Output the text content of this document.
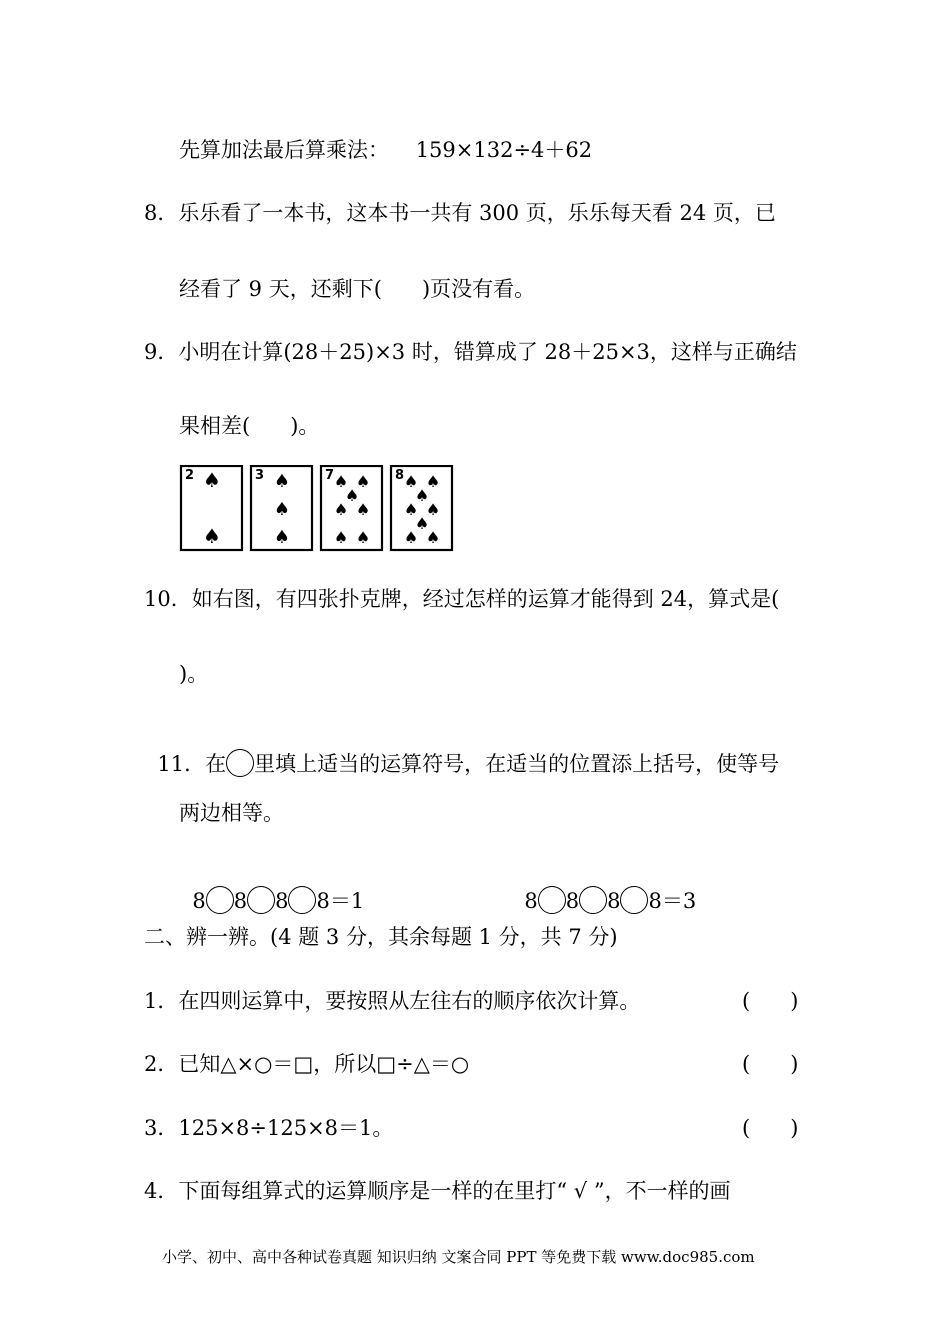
先算加法最后算乘法：    159×132÷4＋62
8．乐乐看了一本书，这本书一共有 300 页，乐乐每天看 24 页，已
经看了 9 天，还剩下(      )页没有看。
9．小明在计算(28＋25)×3 时，错算成了 28＋25×3，这样与正确结
果相差(      )。
2 ♠
♠
3 ♠
♠
♠
7 ♠ ♠
♠
♠ ♠
♠ ♠
8 ♠ ♠
♠
♠ ♠
♠
♠ ♠
10．如右图，有四张扑克牌，经过怎样的运算才能得到 24，算式是(
)。

11．在 里填上适当的运算符号，在适当的位置添上括号，使等号

两边相等。

8 8 8 8＝1	8 8 8 8＝3

二、辨一辨。(4 题 3 分，其余每题 1 分，共 7 分)
1．在四则运算中，要按照从左往右的顺序依次计算。	( )
2．已知△×○＝□，所以□÷△＝○	( )
3．125×8÷125×8＝1。	( )
4．下面每组算式的运算顺序是一样的在里打“ √ ”，不一样的画
小学、初中、高中各种试卷真题 知识归纳 文案合同 PPT 等免费下载 www.doc985.com
